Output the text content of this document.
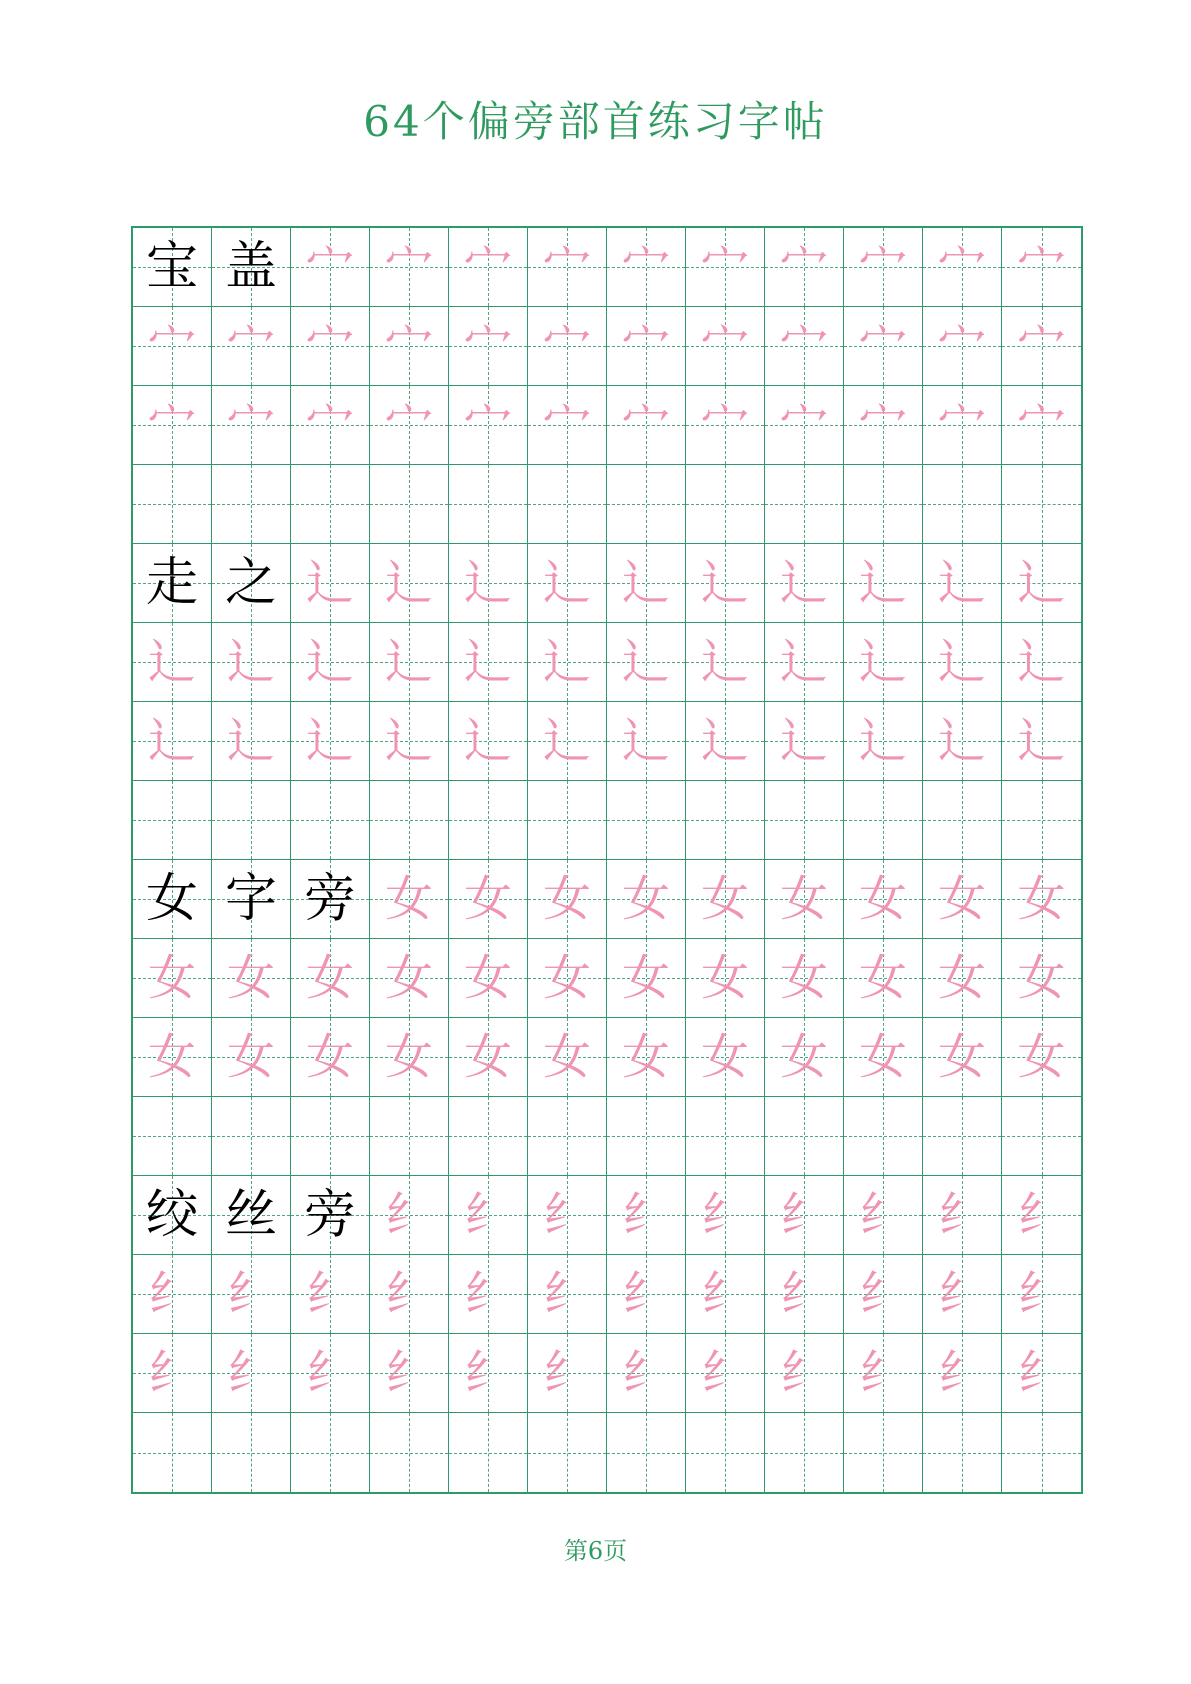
64个偏旁部首练习字帖
宝 盖 宀 宀 宀 宀 宀 宀 宀 宀 宀 宀
宀 宀 宀 宀 宀 宀 宀 宀 宀 宀 宀 宀
宀 宀 宀 宀 宀 宀 宀 宀 宀 宀 宀 宀
走 之 辶 辶 辶 辶 辶 辶 辶 辶 辶 辶
辶 辶 辶 辶 辶 辶 辶 辶 辶 辶 辶 辶
辶 辶 辶 辶 辶 辶 辶 辶 辶 辶 辶 辶
女 字 旁 女 女 女 女 女 女 女 女 女
女 女 女 女 女 女 女 女 女 女 女 女
女 女 女 女 女 女 女 女 女 女 女 女
绞 丝 旁 纟 纟 纟 纟 纟 纟 纟 纟 纟
纟 纟 纟 纟 纟 纟 纟 纟 纟 纟 纟 纟
纟 纟 纟 纟 纟 纟 纟 纟 纟 纟 纟 纟
第6页
